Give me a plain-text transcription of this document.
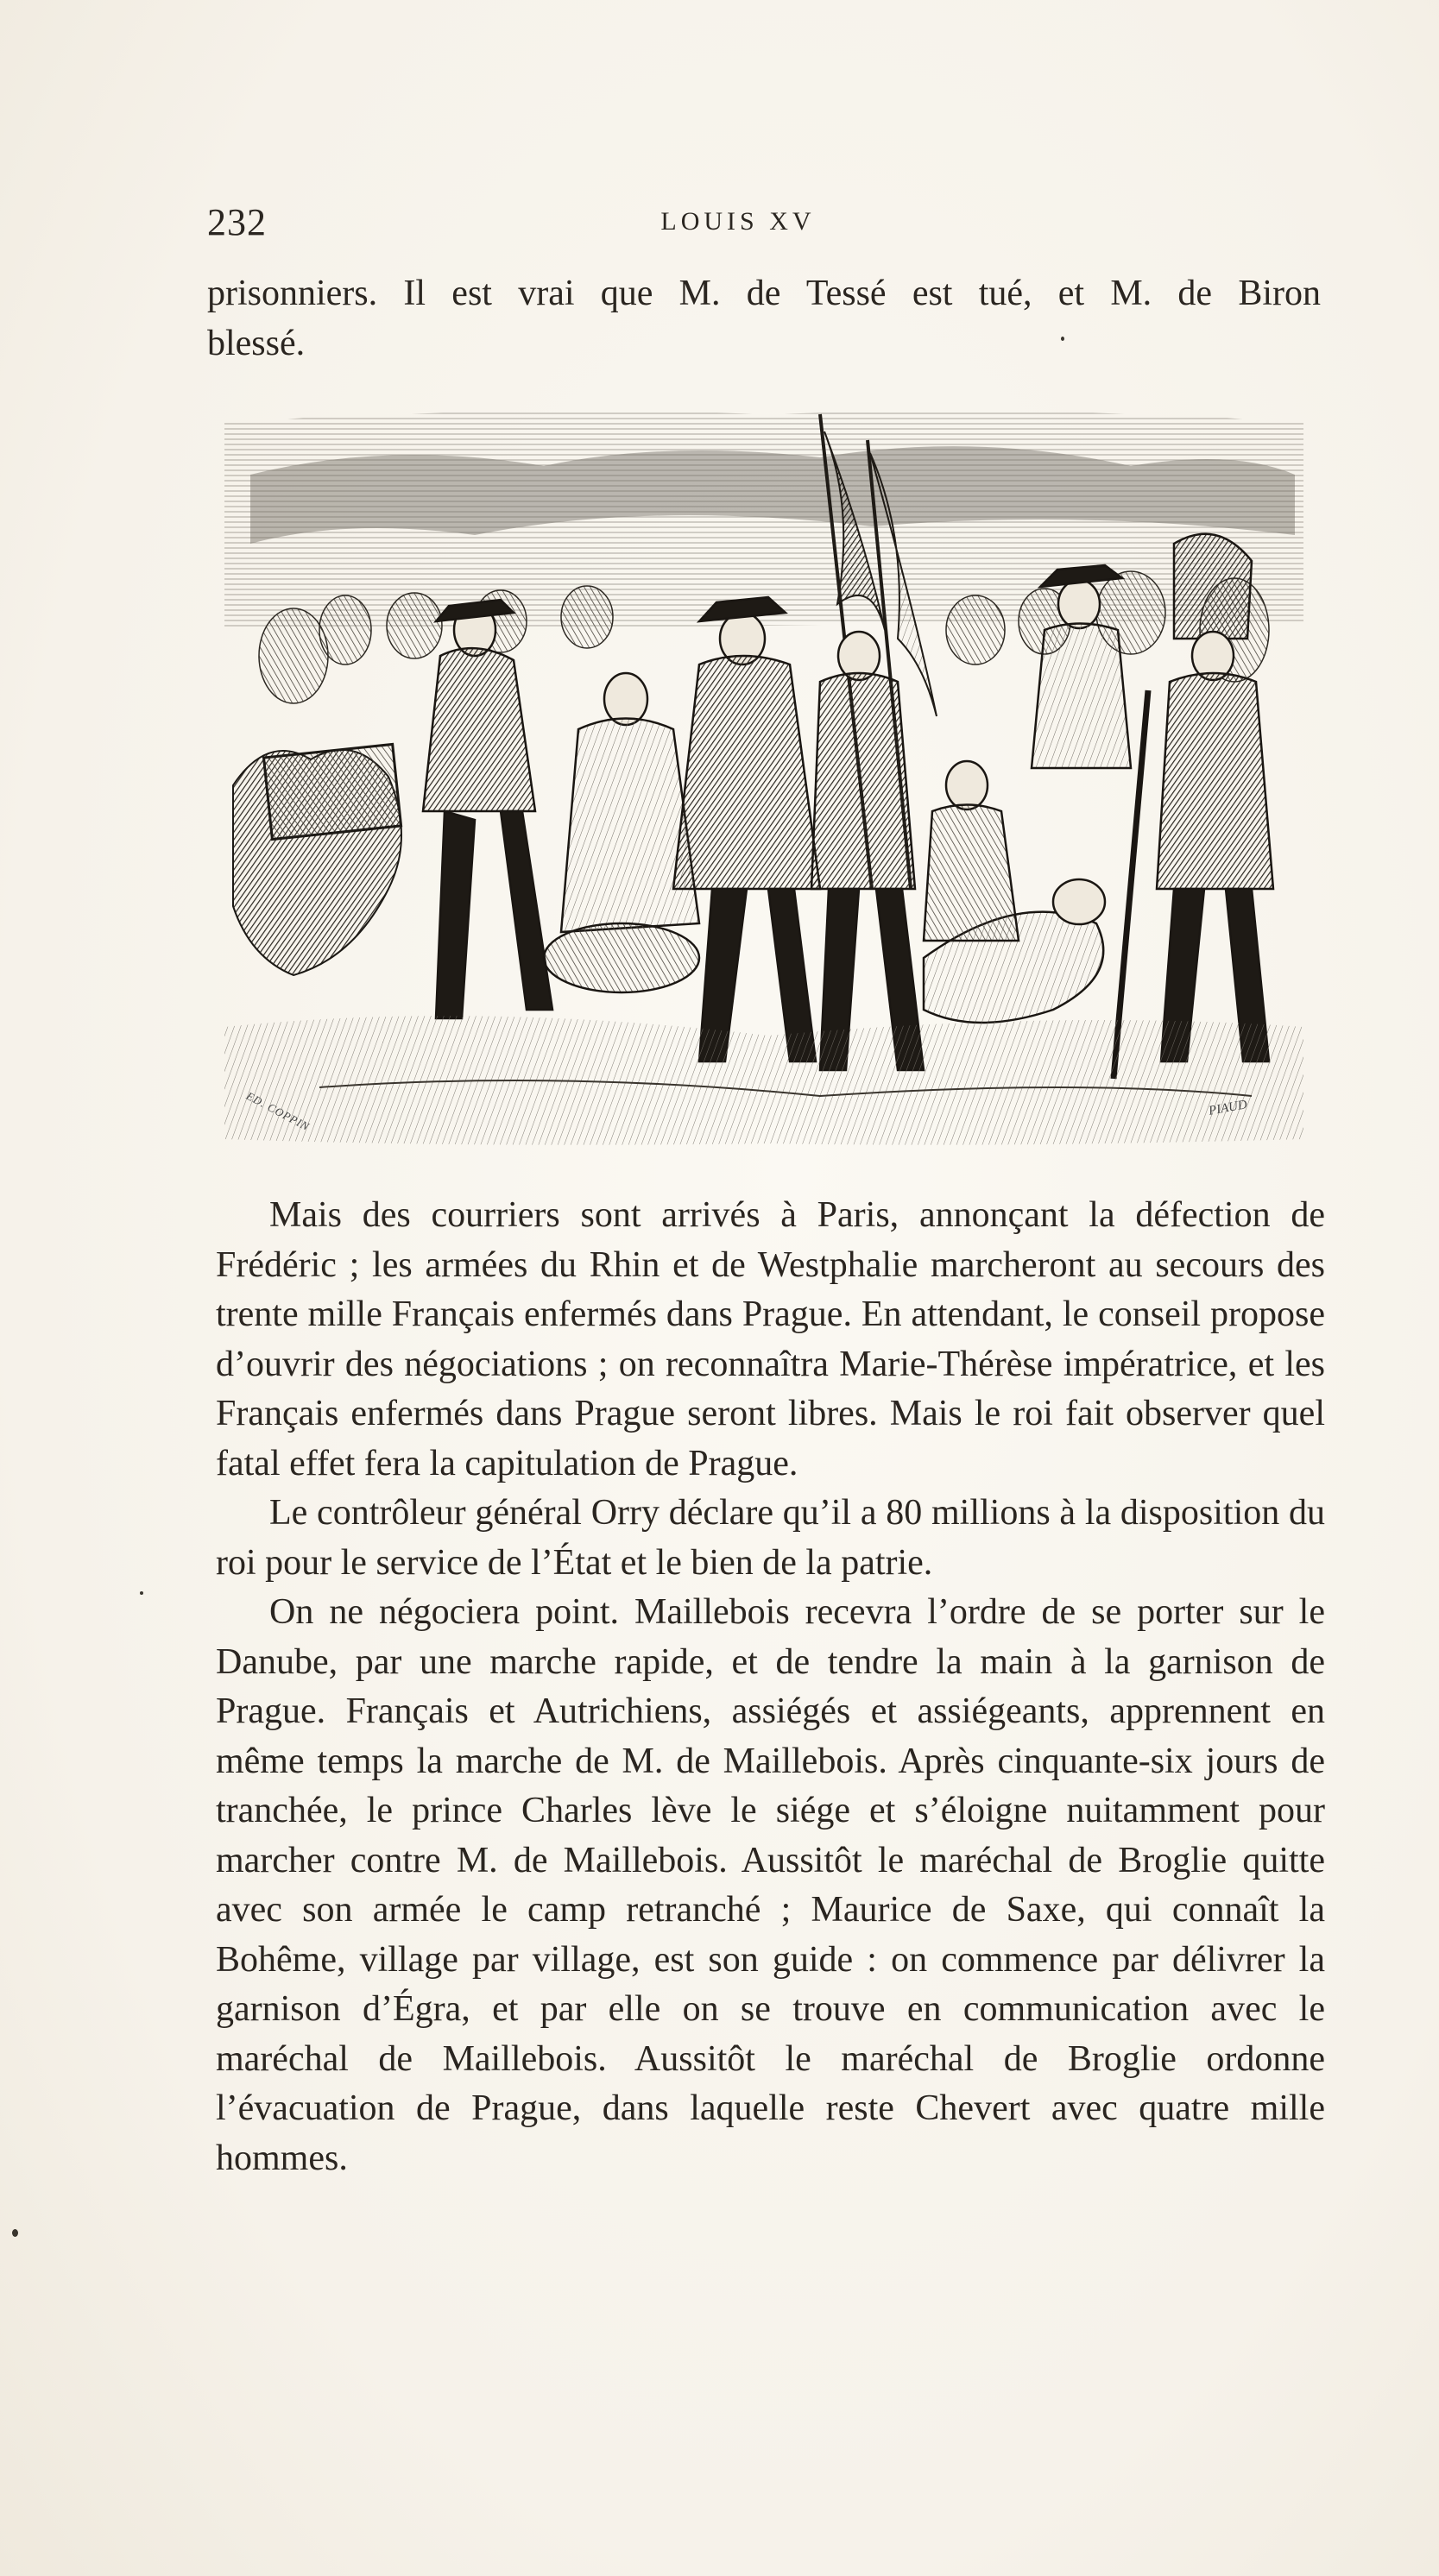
232	LOUIS XV

prisonniers. Il est vrai que M. de Tessé est tué, et M. de Biron

blessé.

ED. COPPIN	PIAUD

Mais des courriers sont arrivés à Paris, annonçant la défection de Frédéric ; les armées du Rhin et de Westphalie marcheront au secours des trente mille Français enfermés dans Prague. En attendant, le conseil propose d’ouvrir des négociations ; on reconnaîtra Marie-Thérèse impératrice, et les Français enfermés dans Prague seront libres. Mais le roi fait observer quel fatal effet fera la capitulation de Prague.

Le contrôleur général Orry déclare qu’il a 80 millions à la disposition du roi pour le service de l’État et le bien de la patrie.

On ne négociera point. Maillebois recevra l’ordre de se porter sur le Danube, par une marche rapide, et de tendre la main à la garnison de Prague. Français et Autrichiens, assiégés et assiégeants, apprennent en même temps la marche de M. de Maillebois. Après cinquante-six jours de tranchée, le prince Charles lève le siége et s’éloigne nuitamment pour marcher contre M. de Maillebois. Aussitôt le maréchal de Broglie quitte avec son armée le camp retranché ; Maurice de Saxe, qui connaît la Bohême, village par village, est son guide : on commence par délivrer la garnison d’Égra, et par elle on se trouve en communication avec le maréchal de Maillebois. Aussitôt le maréchal de Broglie ordonne l’évacuation de Prague, dans laquelle reste Chevert avec quatre mille hommes.
